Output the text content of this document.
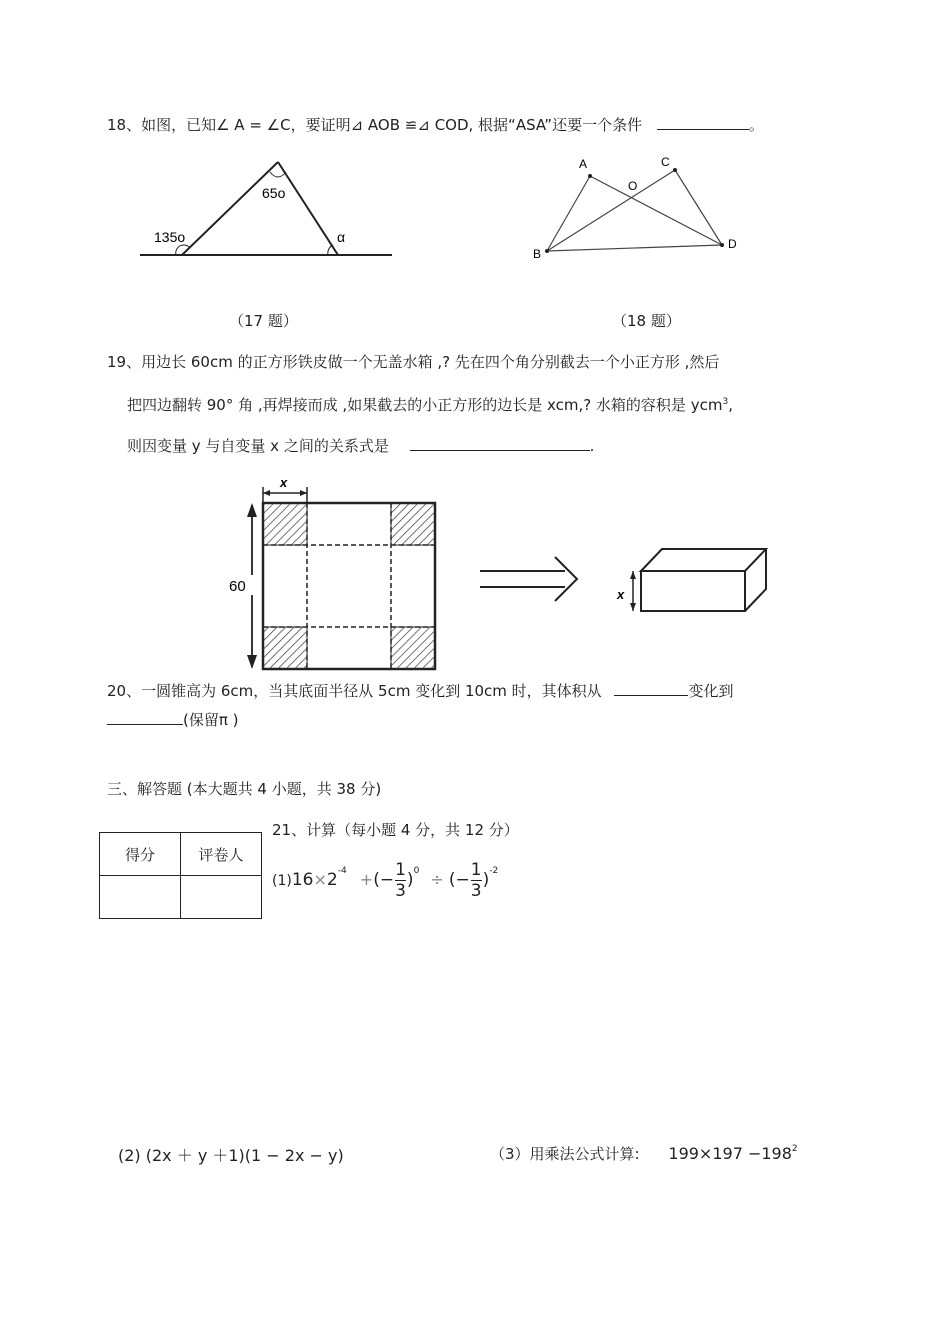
18、如图，已知∠ A = ∠C，要证明⊿ AOB ≌⊿ COD, 根据“ASA”还要一个条件	。
65o
135o	α
A	C
O
B
D
（17 题）	（18 题）
19、用边长 60cm 的正方形铁皮做一个无盖水箱 ,? 先在四个角分别截去一个小正方形 ,然后
把四边翻转 90° 角 ,再焊接而成 ,如果截去的小正方形的边长是 xcm,? 水箱的容积是 ycm$^3$,
则因变量 y 与自变量 x 之间的关系式是	.
x
60	x
20、一圆锥高为 6cm，当其底面半径从 5cm 变化到 10cm 时，其体积从	变化到
(保留π )
三、解答题 (本大题共 4 小题，共 38 分)
得分	评卷人

21、计算（每小题 4 分，共 12 分）
$(1)16\times 2^{-4}$ +(− $\frac{1}{3} )^0$ ÷ (− $\frac{1}{3} )^{-2}$
(2) (2x ＋ y ＋1)(1 − 2x − y)	（3）用乘法公式计算: $199\times 197 -198^2$
